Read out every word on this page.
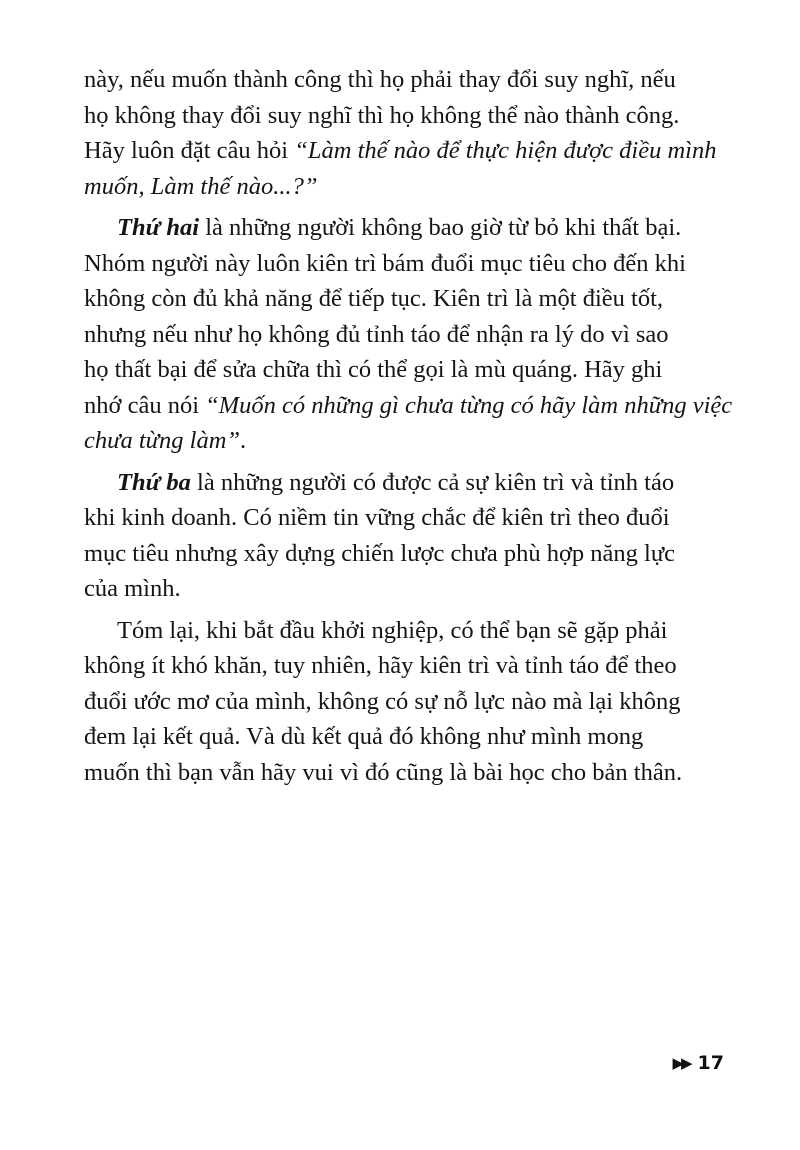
này, nếu muốn thành công thì họ phải thay đổi suy nghĩ, nếu
họ không thay đổi suy nghĩ thì họ không thể nào thành công.
Hãy luôn đặt câu hỏi “Làm thế nào để thực hiện được điều mình
muốn, Làm thế nào...?”

Thứ hai là những người không bao giờ từ bỏ khi thất bại.
Nhóm người này luôn kiên trì bám đuổi mục tiêu cho đến khi
không còn đủ khả năng để tiếp tục. Kiên trì là một điều tốt,
nhưng nếu như họ không đủ tỉnh táo để nhận ra lý do vì sao
họ thất bại để sửa chữa thì có thể gọi là mù quáng. Hãy ghi
nhớ câu nói “Muốn có những gì chưa từng có hãy làm những việc
chưa từng làm”.

Thứ ba là những người có được cả sự kiên trì và tỉnh táo
khi kinh doanh. Có niềm tin vững chắc để kiên trì theo đuổi
mục tiêu nhưng xây dựng chiến lược chưa phù hợp năng lực
của mình.

Tóm lại, khi bắt đầu khởi nghiệp, có thể bạn sẽ gặp phải
không ít khó khăn, tuy nhiên, hãy kiên trì và tỉnh táo để theo
đuổi ước mơ của mình, không có sự nỗ lực nào mà lại không
đem lại kết quả. Và dù kết quả đó không như mình mong
muốn thì bạn vẫn hãy vui vì đó cũng là bài học cho bản thân.

▶▶ 17
